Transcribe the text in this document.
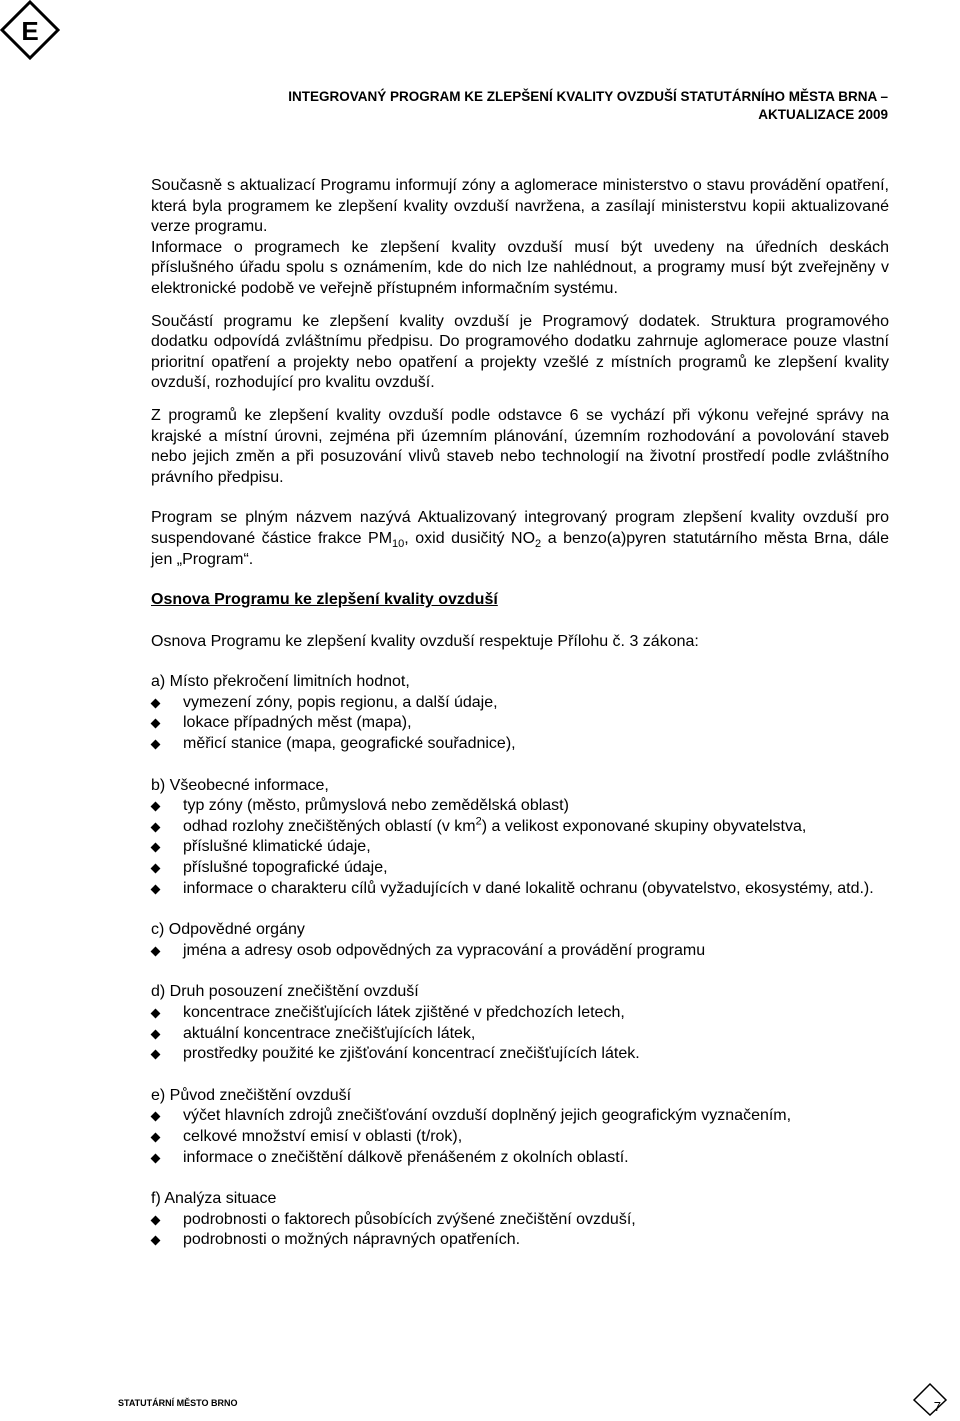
E
INTEGROVANÝ PROGRAM KE ZLEPŠENÍ KVALITY OVZDUŠÍ STATUTÁRNÍHO MĚSTA BRNA –
AKTUALIZACE 2009

Současně s aktualizací Programu informují zóny a aglomerace ministerstvo o stavu provádění opatření, která byla programem ke zlepšení kvality ovzduší navržena, a zasílají ministerstvu kopii aktualizované verze programu.

Informace o programech ke zlepšení kvality ovzduší musí být uvedeny na úředních deskách příslušného úřadu spolu s oznámením, kde do nich lze nahlédnout, a programy musí být zveřejněny v elektronické podobě ve veřejně přístupném informačním systému.

Součástí programu ke zlepšení kvality ovzduší je Programový dodatek. Struktura programového dodatku odpovídá zvláštnímu předpisu. Do programového dodatku zahrnuje aglomerace pouze vlastní prioritní opatření a projekty nebo opatření a projekty vzešlé z místních programů ke zlepšení kvality ovzduší, rozhodující pro kvalitu ovzduší.

Z programů ke zlepšení kvality ovzduší podle odstavce 6 se vychází při výkonu veřejné správy na krajské a místní úrovni, zejména při územním plánování, územním rozhodování a povolování staveb nebo jejich změn a při posuzování vlivů staveb nebo technologií na životní prostředí podle zvláštního právního předpisu.

Program se plným názvem nazývá Aktualizovaný integrovaný program zlepšení kvality ovzduší pro suspendované částice frakce $PM_{10}$, oxid dusičitý $NO_2$ a benzo(a)pyren statutárního města Brna, dále jen „Program“.

Osnova Programu ke zlepšení kvality ovzduší

Osnova Programu ke zlepšení kvality ovzduší respektuje Přílohu č. 3 zákona:

a) Místo překročení limitních hodnot,
vymezení zóny, popis regionu, a další údaje,
lokace případných měst (mapa),
měřicí stanice (mapa, geografické souřadnice),
b) Všeobecné informace,
typ zóny (město, průmyslová nebo zemědělská oblast)
odhad rozlohy znečištěných oblastí (v $km^2$) a velikost exponované skupiny obyvatelstva,
příslušné klimatické údaje,
příslušné topografické údaje,
informace o charakteru cílů vyžadujících v dané lokalitě ochranu (obyvatelstvo, ekosystémy, atd.).
c) Odpovědné orgány
jména a adresy osob odpovědných za vypracování a provádění programu
d) Druh posouzení znečištění ovzduší
koncentrace znečišťujících látek zjištěné v předchozích letech,
aktuální koncentrace znečišťujících látek,
prostředky použité ke zjišťování koncentrací znečišťujících látek.
e) Původ znečištění ovzduší
výčet hlavních zdrojů znečišťování ovzduší doplněný jejich geografickým vyznačením,
celkové množství emisí v oblasti (t/rok),
informace o znečištění dálkově přenášeném z okolních oblastí.
f) Analýza situace
podrobnosti o faktorech působících zvýšené znečištění ovzduší,
podrobnosti o možných nápravných opatřeních.
STATUTÁRNÍ MĚSTO BRNO	7
